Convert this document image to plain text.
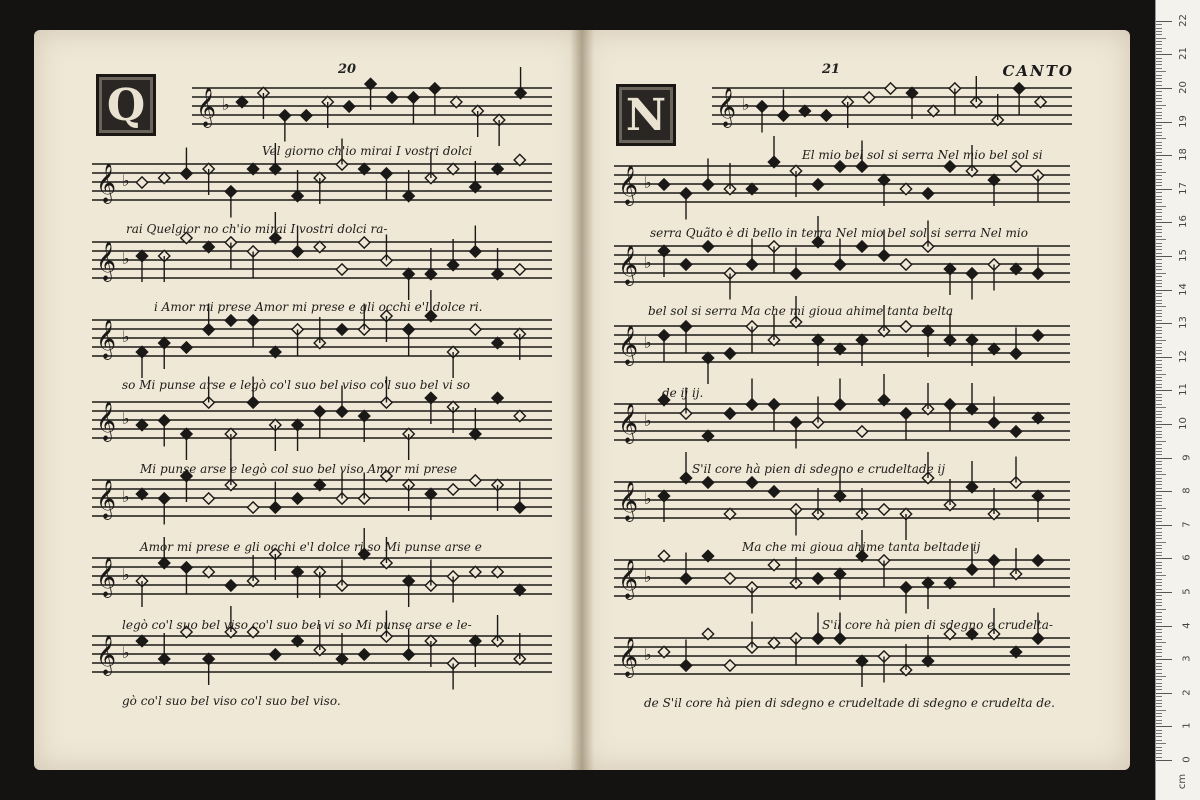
20
Q
21	CANTO
N
𝄞 ♭
𝄞 ♭
𝄞 ♭
𝄞 ♭
𝄞 ♭
𝄞 ♭
𝄞 ♭
𝄞 ♭
𝄞 ♭
𝄞 ♭
𝄞 ♭
𝄞 ♭
𝄞 ♭
𝄞 ♭
𝄞 ♭
𝄞 ♭
Vel giorno ch'io mirai I vostri dolci
rai Quelgior no ch'io mirai I vostri dolci ra-
i Amor mi prese Amor mi prese e gli occhi e'l dolce ri.
so Mi punse arse e legò co'l suo bel viso co'l suo bel vi so
Mi punse arse e legò col suo bel viso Amor mi prese
Amor mi prese e gli occhi e'l dolce ri so Mi punse arse e
legò co'l suo bel viso co'l suo bel vi so Mi punse arse e le-
gò co'l suo bel viso co'l suo bel viso.
El mio bel sol si serra Nel mio bel sol si
serra Quãto è di bello in terra Nel mio bel sol si serra Nel mio
bel sol si serra Ma che mi gioua ahime tanta belta
de ij ij.
S'il core hà pien di sdegno e crudeltade ij
Ma che mi gioua ahime tanta beltade ij
S'il core hà pien di sdegno e crudelta-
de S'il core hà pien di sdegno e crudeltade di sdegno e crudelta de.
0
1
2
3
4
5
6
7
8
9
10
11
12
13
14
15
16
17
18
19
20
21
22
cm
